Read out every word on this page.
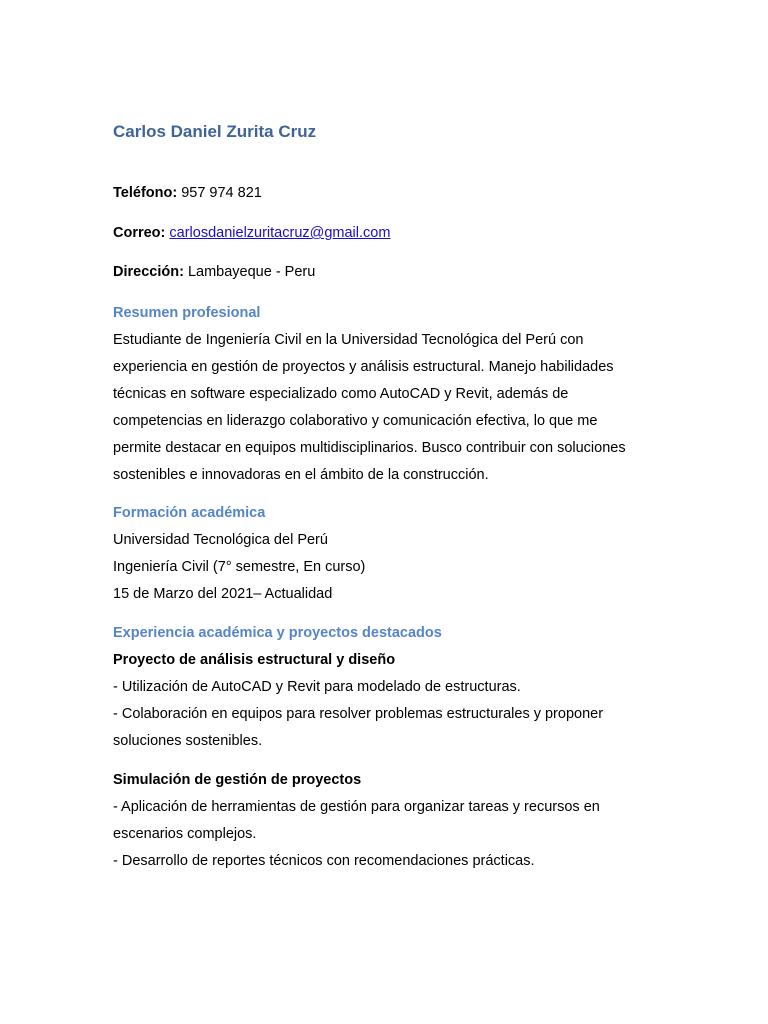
Carlos Daniel Zurita Cruz
Teléfono: 957 974 821
Correo: carlosdanielzuritacruz@gmail.com
Dirección: Lambayeque - Peru
Resumen profesional
Estudiante de Ingeniería Civil en la Universidad Tecnológica del Perú con
experiencia en gestión de proyectos y análisis estructural. Manejo habilidades
técnicas en software especializado como AutoCAD y Revit, además de
competencias en liderazgo colaborativo y comunicación efectiva, lo que me
permite destacar en equipos multidisciplinarios. Busco contribuir con soluciones
sostenibles e innovadoras en el ámbito de la construcción.
Formación académica
Universidad Tecnológica del Perú
Ingeniería Civil (7° semestre, En curso)
15 de Marzo del 2021– Actualidad
Experiencia académica y proyectos destacados
Proyecto de análisis estructural y diseño
- Utilización de AutoCAD y Revit para modelado de estructuras.
- Colaboración en equipos para resolver problemas estructurales y proponer
soluciones sostenibles.
Simulación de gestión de proyectos
- Aplicación de herramientas de gestión para organizar tareas y recursos en
escenarios complejos.
- Desarrollo de reportes técnicos con recomendaciones prácticas.
